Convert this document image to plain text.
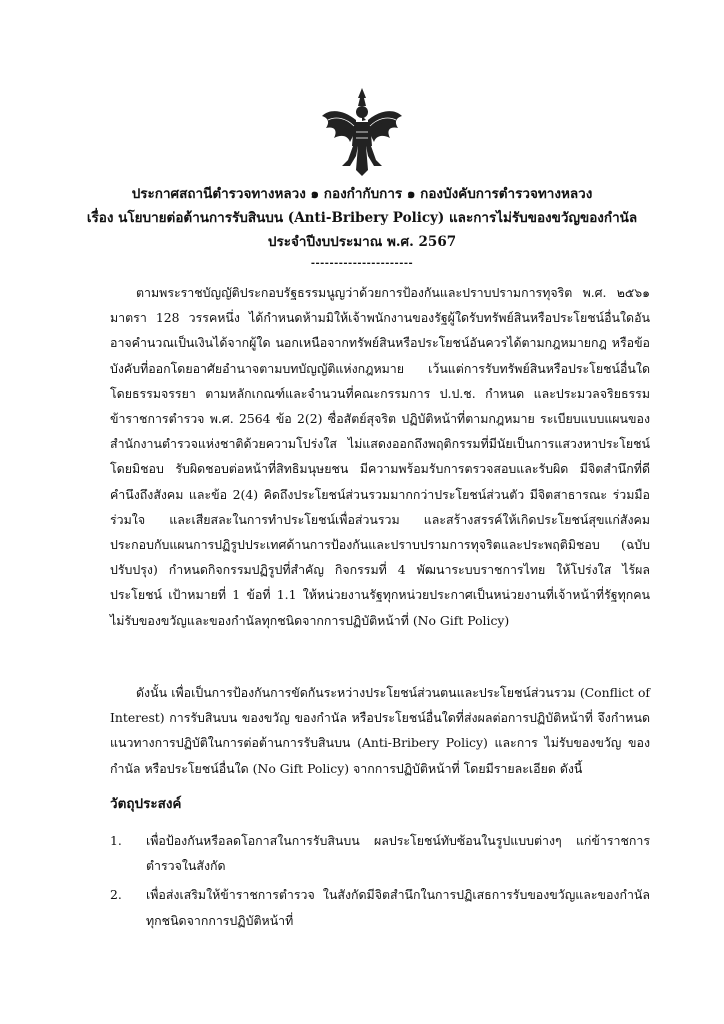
ประกาศสถานีตำรวจทางหลวง ๑ กองกำกับการ ๑ กองบังคับการตำรวจทางหลวง
เรื่อง นโยบายต่อต้านการรับสินบน (Anti-Bribery Policy) และการไม่รับของขวัญของกำนัล
ประจำปีงบประมาณ พ.ศ. 2567
----------------------

ตามพระราชบัญญัติประกอบรัฐธรรมนูญว่าด้วยการป้องกันและปราบปรามการทุจริต พ.ศ. ๒๕๖๑ มาตรา 128 วรรคหนึ่ง ได้กำหนดห้ามมิให้เจ้าพนักงานของรัฐผู้ใดรับทรัพย์สินหรือประโยชน์อื่นใดอันอาจคำนวณเป็นเงินได้จากผู้ใด นอกเหนือจากทรัพย์สินหรือประโยชน์อันควรได้ตามกฎหมายกฎ หรือข้อบังคับที่ออกโดยอาศัยอำนาจตามบทบัญญัติแห่งกฎหมาย เว้นแต่การรับทรัพย์สินหรือประโยชน์อื่นใดโดยธรรมจรรยา ตามหลักเกณฑ์และจำนวนที่คณะกรรมการ ป.ป.ช. กำหนด และประมวลจริยธรรมข้าราชการตำรวจ พ.ศ. 2564 ข้อ 2(2) ซื่อสัตย์สุจริต ปฏิบัติหน้าที่ตามกฎหมาย ระเบียบแบบแผนของสำนักงานตำรวจแห่งชาติด้วยความโปร่งใส ไม่แสดงออกถึงพฤติกรรมที่มีนัยเป็นการแสวงหาประโยชน์โดยมิชอบ รับผิดชอบต่อหน้าที่สิทธิมนุษยชน มีความพร้อมรับการตรวจสอบและรับผิด มีจิตสำนึกที่ดีคำนึงถึงสังคม และข้อ 2(4) คิดถึงประโยชน์ส่วนรวมมากกว่าประโยชน์ส่วนตัว มีจิตสาธารณะ ร่วมมือ ร่วมใจ และเสียสละในการทำประโยชน์เพื่อส่วนรวม และสร้างสรรค์ให้เกิดประโยชน์สุขแก่สังคม ประกอบกับแผนการปฏิรูปประเทศด้านการป้องกันและปราบปรามการทุจริตและประพฤติมิชอบ (ฉบับปรับปรุง) กำหนดกิจกรรมปฏิรูปที่สำคัญ กิจกรรมที่ 4 พัฒนาระบบราชการไทย ให้โปร่งใส ไร้ผลประโยชน์ เป้าหมายที่ 1 ข้อที่ 1.1 ให้หน่วยงานรัฐทุกหน่วยประกาศเป็นหน่วยงานที่เจ้าหน้าที่รัฐทุกคนไม่รับของขวัญและของกำนัลทุกชนิดจากการปฏิบัติหน้าที่ (No Gift Policy)

ดังนั้น เพื่อเป็นการป้องกันการขัดกันระหว่างประโยชน์ส่วนตนและประโยชน์ส่วนรวม (Conflict of Interest) การรับสินบน ของขวัญ ของกำนัล หรือประโยชน์อื่นใดที่ส่งผลต่อการปฏิบัติหน้าที่ จึงกำหนดแนวทางการปฏิบัติในการต่อต้านการรับสินบน (Anti-Bribery Policy) และการ ไม่รับของขวัญ ของกำนัล หรือประโยชน์อื่นใด (No Gift Policy) จากการปฏิบัติหน้าที่ โดยมีรายละเอียด ดังนี้

วัตถุประสงค์
1. เพื่อป้องกันหรือลดโอกาสในการรับสินบน ผลประโยชน์ทับซ้อนในรูปแบบต่างๆ แก่ข้าราชการตำรวจในสังกัด
2. เพื่อส่งเสริมให้ข้าราชการตำรวจ ในสังกัดมีจิตสำนึกในการปฏิเสธการรับของขวัญและของกำนัลทุกชนิดจากการปฏิบัติหน้าที่
